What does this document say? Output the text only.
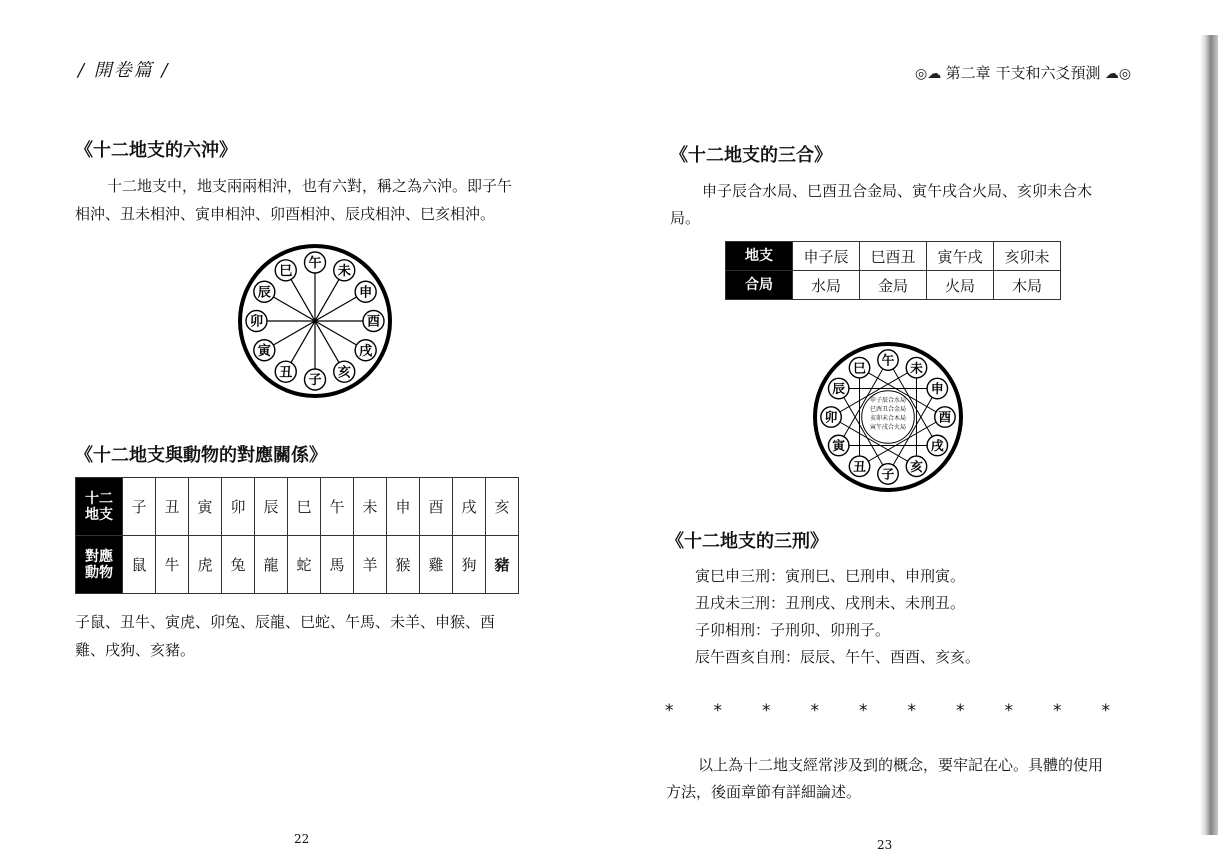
/ 開卷篇 /	◎☁ 第二章 干支和六爻預測 ☁◎
《十二地支的六沖》
十二地支中，地支兩兩相沖，也有六對，稱之為六沖。即子午
相沖、丑未相沖、寅申相沖、卯酉相沖、辰戌相沖、巳亥相沖。
午
未
申
酉
戌
亥
子
丑
寅
卯
辰
巳
《十二地支與動物的對應關係》
十二
地支	子	丑	寅	卯	辰	巳	午	未	申	酉	戌	亥
對應
動物	鼠	牛	虎	兔	龍	蛇	馬	羊	猴	雞	狗	豬
子鼠、丑牛、寅虎、卯兔、辰龍、巳蛇、午馬、未羊、申猴、酉
雞、戌狗、亥豬。
22
《十二地支的三合》
申子辰合水局、巳酉丑合金局、寅午戌合火局、亥卯未合木
局。
地支	申子辰	巳酉丑	寅午戌	亥卯未
合局	水局	金局	火局	木局
午
未
申
酉
戌
亥
子
丑
寅
卯
辰
巳
申子辰合水局
巳酉丑合金局
亥卯未合木局
寅午戌合火局
《十二地支的三刑》
寅巳申三刑：寅刑巳、巳刑申、申刑寅。
丑戌未三刑：丑刑戌、戌刑未、未刑丑。
子卯相刑：子刑卯、卯刑子。
辰午酉亥自刑：辰辰、午午、酉酉、亥亥。
* * * * * * * * * *
以上為十二地支經常涉及到的概念，要牢記在心。具體的使用
方法，後面章節有詳細論述。
23
